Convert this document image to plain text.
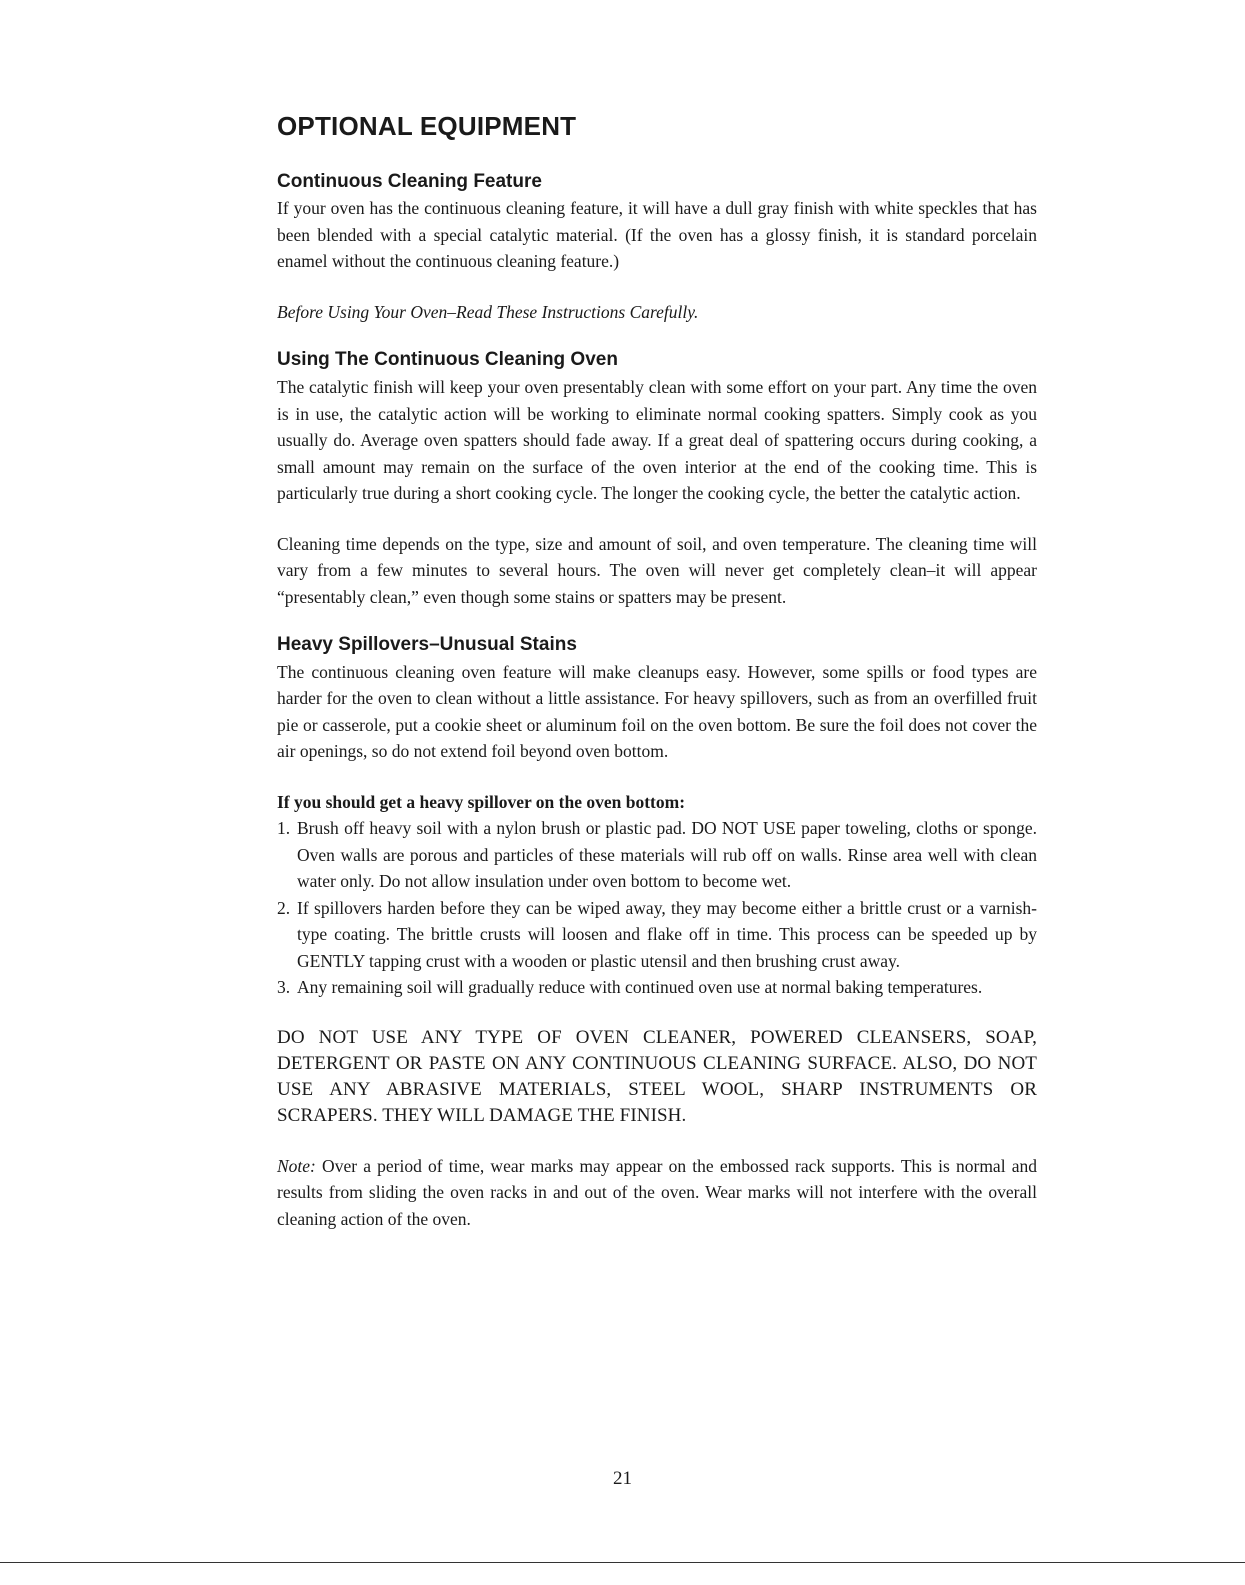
OPTIONAL EQUIPMENT
Continuous Cleaning Feature

If your oven has the continuous cleaning feature, it will have a dull gray finish with white speckles that has been blended with a special catalytic material. (If the oven has a glossy finish, it is standard porcelain enamel without the continuous cleaning feature.)

Before Using Your Oven–Read These Instructions Carefully.

Using The Continuous Cleaning Oven

The catalytic finish will keep your oven presentably clean with some effort on your part. Any time the oven is in use, the catalytic action will be working to eliminate normal cooking spatters. Simply cook as you usually do. Average oven spatters should fade away. If a great deal of spattering occurs during cooking, a small amount may remain on the surface of the oven interior at the end of the cooking time. This is particularly true during a short cooking cycle. The longer the cooking cycle, the better the catalytic action.

Cleaning time depends on the type, size and amount of soil, and oven temperature. The cleaning time will vary from a few minutes to several hours. The oven will never get completely clean–it will appear “presentably clean,” even though some stains or spatters may be present.

Heavy Spillovers–Unusual Stains

The continuous cleaning oven feature will make cleanups easy. However, some spills or food types are harder for the oven to clean without a little assistance. For heavy spillovers, such as from an overfilled fruit pie or casserole, put a cookie sheet or aluminum foil on the oven bottom. Be sure the foil does not cover the air openings, so do not extend foil beyond oven bottom.

If you should get a heavy spillover on the oven bottom:

1. Brush off heavy soil with a nylon brush or plastic pad. DO NOT USE paper toweling, cloths or sponge. Oven walls are porous and particles of these materials will rub off on walls. Rinse area well with clean water only. Do not allow insulation under oven bottom to become wet.
2. If spillovers harden before they can be wiped away, they may become either a brittle crust or a varnish-type coating. The brittle crusts will loosen and flake off in time. This process can be speeded up by GENTLY tapping crust with a wooden or plastic utensil and then brushing crust away.
3. Any remaining soil will gradually reduce with continued oven use at normal baking temperatures.

DO NOT USE ANY TYPE OF OVEN CLEANER, POWERED CLEANSERS, SOAP, DETERGENT OR PASTE ON ANY CONTINUOUS CLEANING SURFACE. ALSO, DO NOT USE ANY ABRASIVE MATERIALS, STEEL WOOL, SHARP INSTRUMENTS OR SCRAPERS. THEY WILL DAMAGE THE FINISH.

Note: Over a period of time, wear marks may appear on the embossed rack supports. This is normal and results from sliding the oven racks in and out of the oven. Wear marks will not interfere with the overall cleaning action of the oven.

21
